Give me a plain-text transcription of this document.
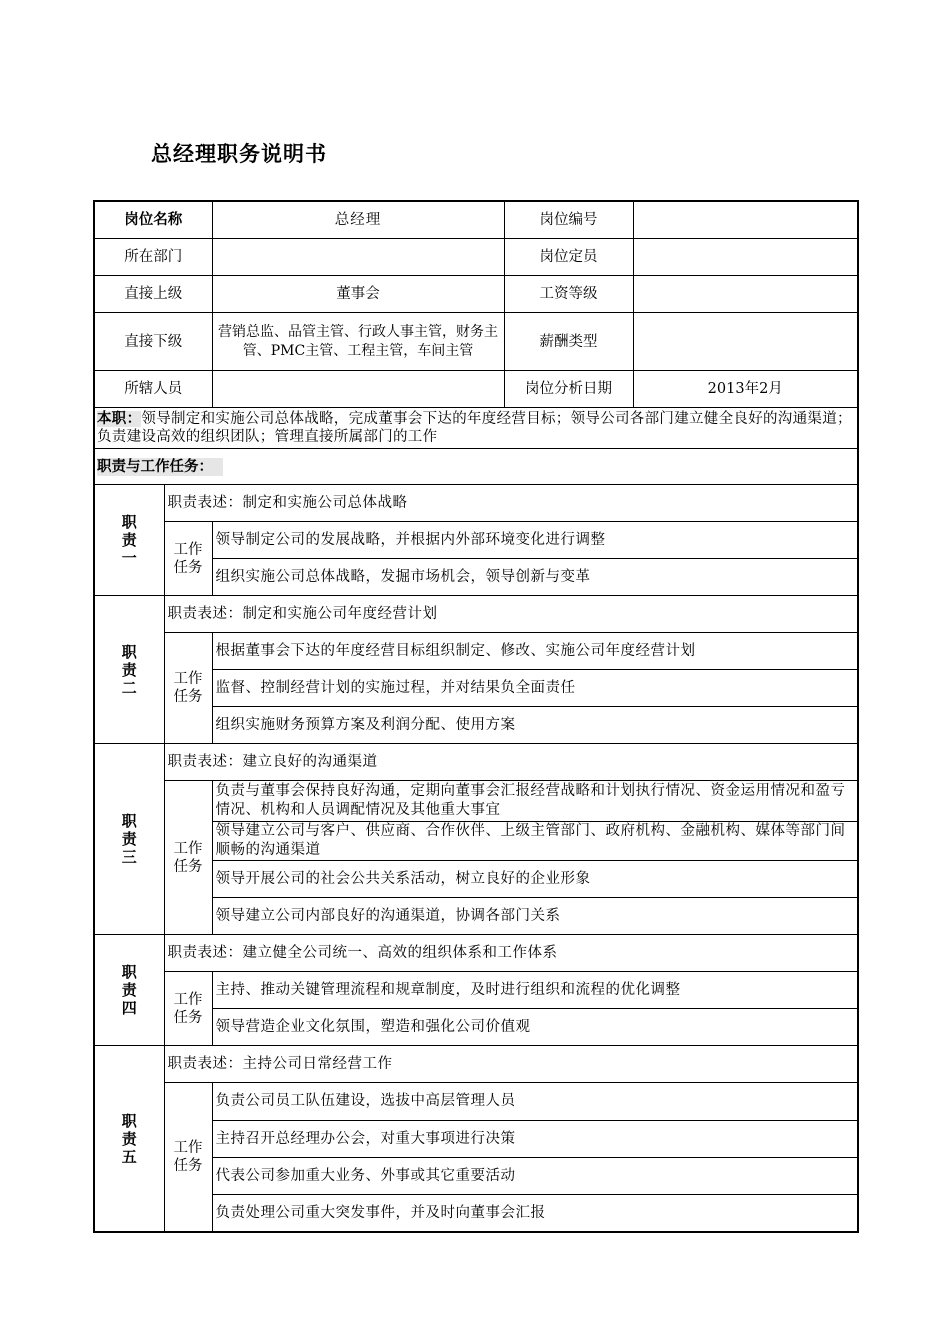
总经理职务说明书
岗位名称		总经理	岗位编号	
所在部门			岗位定员	
直接上级		董事会	工资等级	
直接下级		营销总监、品管主管、行政人事主管，财务主管、PMC主管、工程主管，车间主管	薪酬类型	
所辖人员			岗位分析日期	2013年2月
本职：领导制定和实施公司总体战略，完成董事会下达的年度经营目标；领导公司各部门建立健全良好的沟通渠道；负责建设高效的组织团队；管理直接所属部门的工作				
职责与工作任务：				

职
责
一	职责表述：制定和实施公司总体战略			

	工作
任务	领导制定公司的发展战略，并根据内外部环境变化进行调整		
		组织实施公司总体战略，发掘市场机会，领导创新与变革		

职
责
二	职责表述：制定和实施公司年度经营计划			

	工作
任务	根据董事会下达的年度经营目标组织制定、修改、实施公司年度经营计划		
		监督、控制经营计划的实施过程，并对结果负全面责任		
		组织实施财务预算方案及利润分配、使用方案		

职
责
三	职责表述：建立良好的沟通渠道			

	工作
任务	负责与董事会保持良好沟通，定期向董事会汇报经营战略和计划执行情况、资金运用情况和盈亏情况、机构和人员调配情况及其他重大事宜		
		领导建立公司与客户、供应商、合作伙伴、上级主管部门、政府机构、金融机构、媒体等部门间顺畅的沟通渠道		
		领导开展公司的社会公共关系活动，树立良好的企业形象		
		领导建立公司内部良好的沟通渠道，协调各部门关系		

职
责
四	职责表述：建立健全公司统一、高效的组织体系和工作体系			

	工作
任务	主持、推动关键管理流程和规章制度，及时进行组织和流程的优化调整		
		领导营造企业文化氛围，塑造和强化公司价值观		

职
责
五	职责表述：主持公司日常经营工作			

	工作
任务	负责公司员工队伍建设，选拔中高层管理人员		
		主持召开总经理办公会，对重大事项进行决策		
		代表公司参加重大业务、外事或其它重要活动		
		负责处理公司重大突发事件，并及时向董事会汇报		
